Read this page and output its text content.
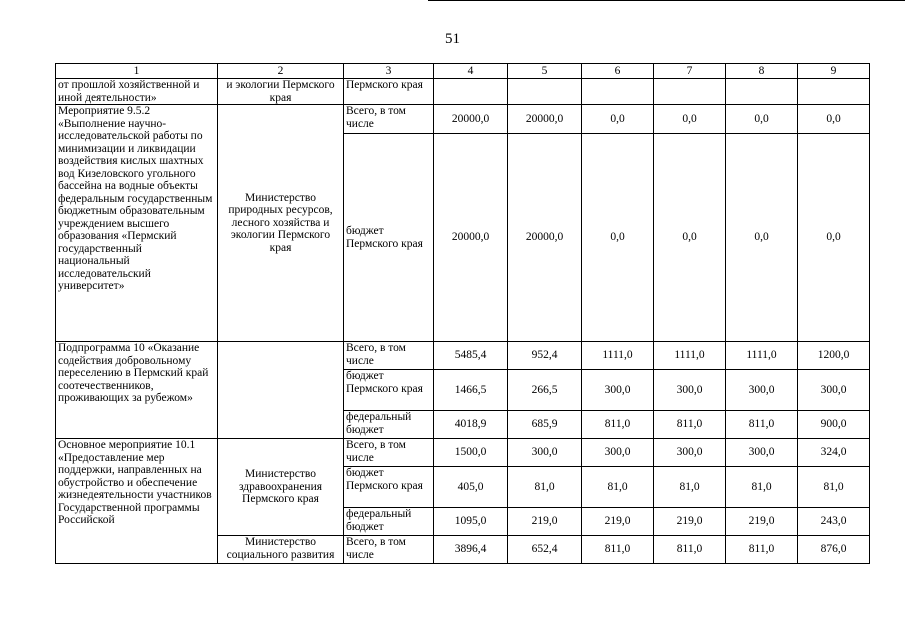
51
1	2	3	4	5	6	7	8	9
от прошлой хозяйственной и иной деятельности»	и экологии Пермского края	Пермского края						
Мероприятие 9.5.2 «Выполнение научно-исследовательской работы по минимизации и ликвидации воздействия кислых шахтных вод Кизеловского угольного бассейна на водные объекты федеральным государственным бюджетным образовательным учреждением высшего образования «Пермский государственный национальный исследовательский университет»	Министерство природных ресурсов, лесного хозяйства и экологии Пермского края	Всего, в том числе	20000,0	20000,0	0,0	0,0	0,0	0,0
		бюджет Пермского края	20000,0	20000,0	0,0	0,0	0,0	0,0
Подпрограмма 10 «Оказание содействия добровольному переселению в Пермский край соотечественников, проживающих за рубежом»		Всего, в том числе	5485,4	952,4	1111,0	1111,0	1111,0	1200,0
		бюджет Пермского края	1466,5	266,5	300,0	300,0	300,0	300,0
		федеральный бюджет	4018,9	685,9	811,0	811,0	811,0	900,0
Основное мероприятие 10.1 «Предоставление мер поддержки, направленных на обустройство и обеспечение жизнедеятельности участников Государственной программы Российской	Министерство здравоохранения Пермского края	Всего, в том числе	1500,0	300,0	300,0	300,0	300,0	324,0
		бюджет Пермского края	405,0	81,0	81,0	81,0	81,0	81,0
		федеральный бюджет	1095,0	219,0	219,0	219,0	219,0	243,0
	Министерство социального развития	Всего, в том числе	3896,4	652,4	811,0	811,0	811,0	876,0
